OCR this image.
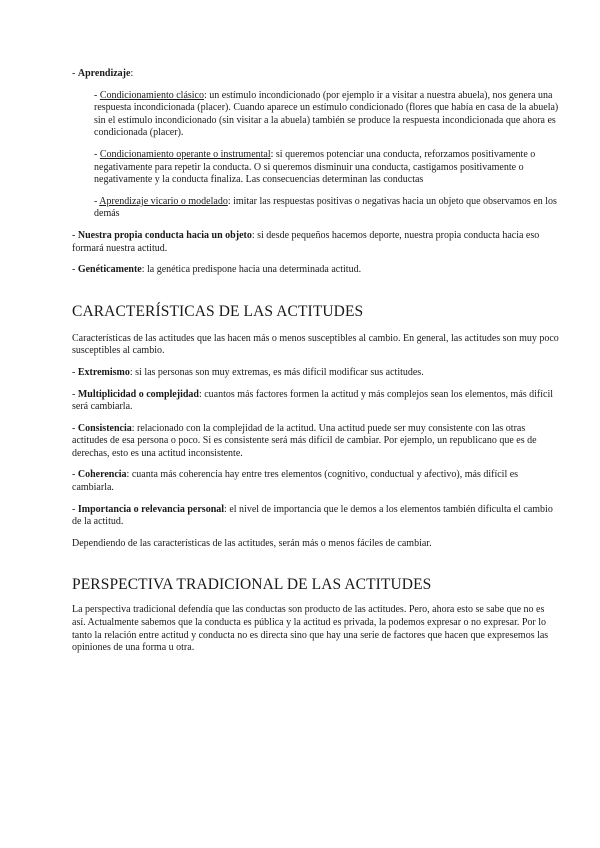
- Aprendizaje:

- Condicionamiento clásico: un estímulo incondicionado (por ejemplo ir a visitar a nuestra abuela), nos genera una respuesta incondicionada (placer). Cuando aparece un estímulo condicionado (flores que había en casa de la abuela) sin el estímulo incondicionado (sin visitar a la abuela) también se produce la respuesta incondicionada que ahora es condicionada (placer).

- Condicionamiento operante o instrumental: si queremos potenciar una conducta, reforzamos positivamente o negativamente para repetir la conducta. O si queremos disminuir una conducta, castigamos positivamente o negativamente y la conducta finaliza. Las consecuencias determinan las conductas

- Aprendizaje vicario o modelado: imitar las respuestas positivas o negativas hacia un objeto que observamos en los demás

- Nuestra propia conducta hacia un objeto: si desde pequeños hacemos deporte, nuestra propia conducta hacia eso formará nuestra actitud.

- Genéticamente: la genética predispone hacia una determinada actitud.

CARACTERÍSTICAS DE LAS ACTITUDES

Características de las actitudes que las hacen más o menos susceptibles al cambio. En general, las actitudes son muy poco susceptibles al cambio.

- Extremismo: si las personas son muy extremas, es más difícil modificar sus actitudes.

- Multiplicidad o complejidad: cuantos más factores formen la actitud y más complejos sean los elementos, más difícil será cambiarla.

- Consistencia: relacionado con la complejidad de la actitud. Una actitud puede ser muy consistente con las otras actitudes de esa persona o poco. Si es consistente será más difícil de cambiar. Por ejemplo, un republicano que es de derechas, esto es una actitud inconsistente.

- Coherencia: cuanta más coherencia hay entre tres elementos (cognitivo, conductual y afectivo), más difícil es cambiarla.

- Importancia o relevancia personal: el nivel de importancia que le demos a los elementos también dificulta el cambio de la actitud.

Dependiendo de las características de las actitudes, serán más o menos fáciles de cambiar.

PERSPECTIVA TRADICIONAL DE LAS ACTITUDES

La perspectiva tradicional defendía que las conductas son producto de las actitudes. Pero, ahora esto se sabe que no es así. Actualmente sabemos que la conducta es pública y la actitud es privada, la podemos expresar o no expresar. Por lo tanto la relación entre actitud y conducta no es directa sino que hay una serie de factores que hacen que expresemos las opiniones de una forma u otra.
